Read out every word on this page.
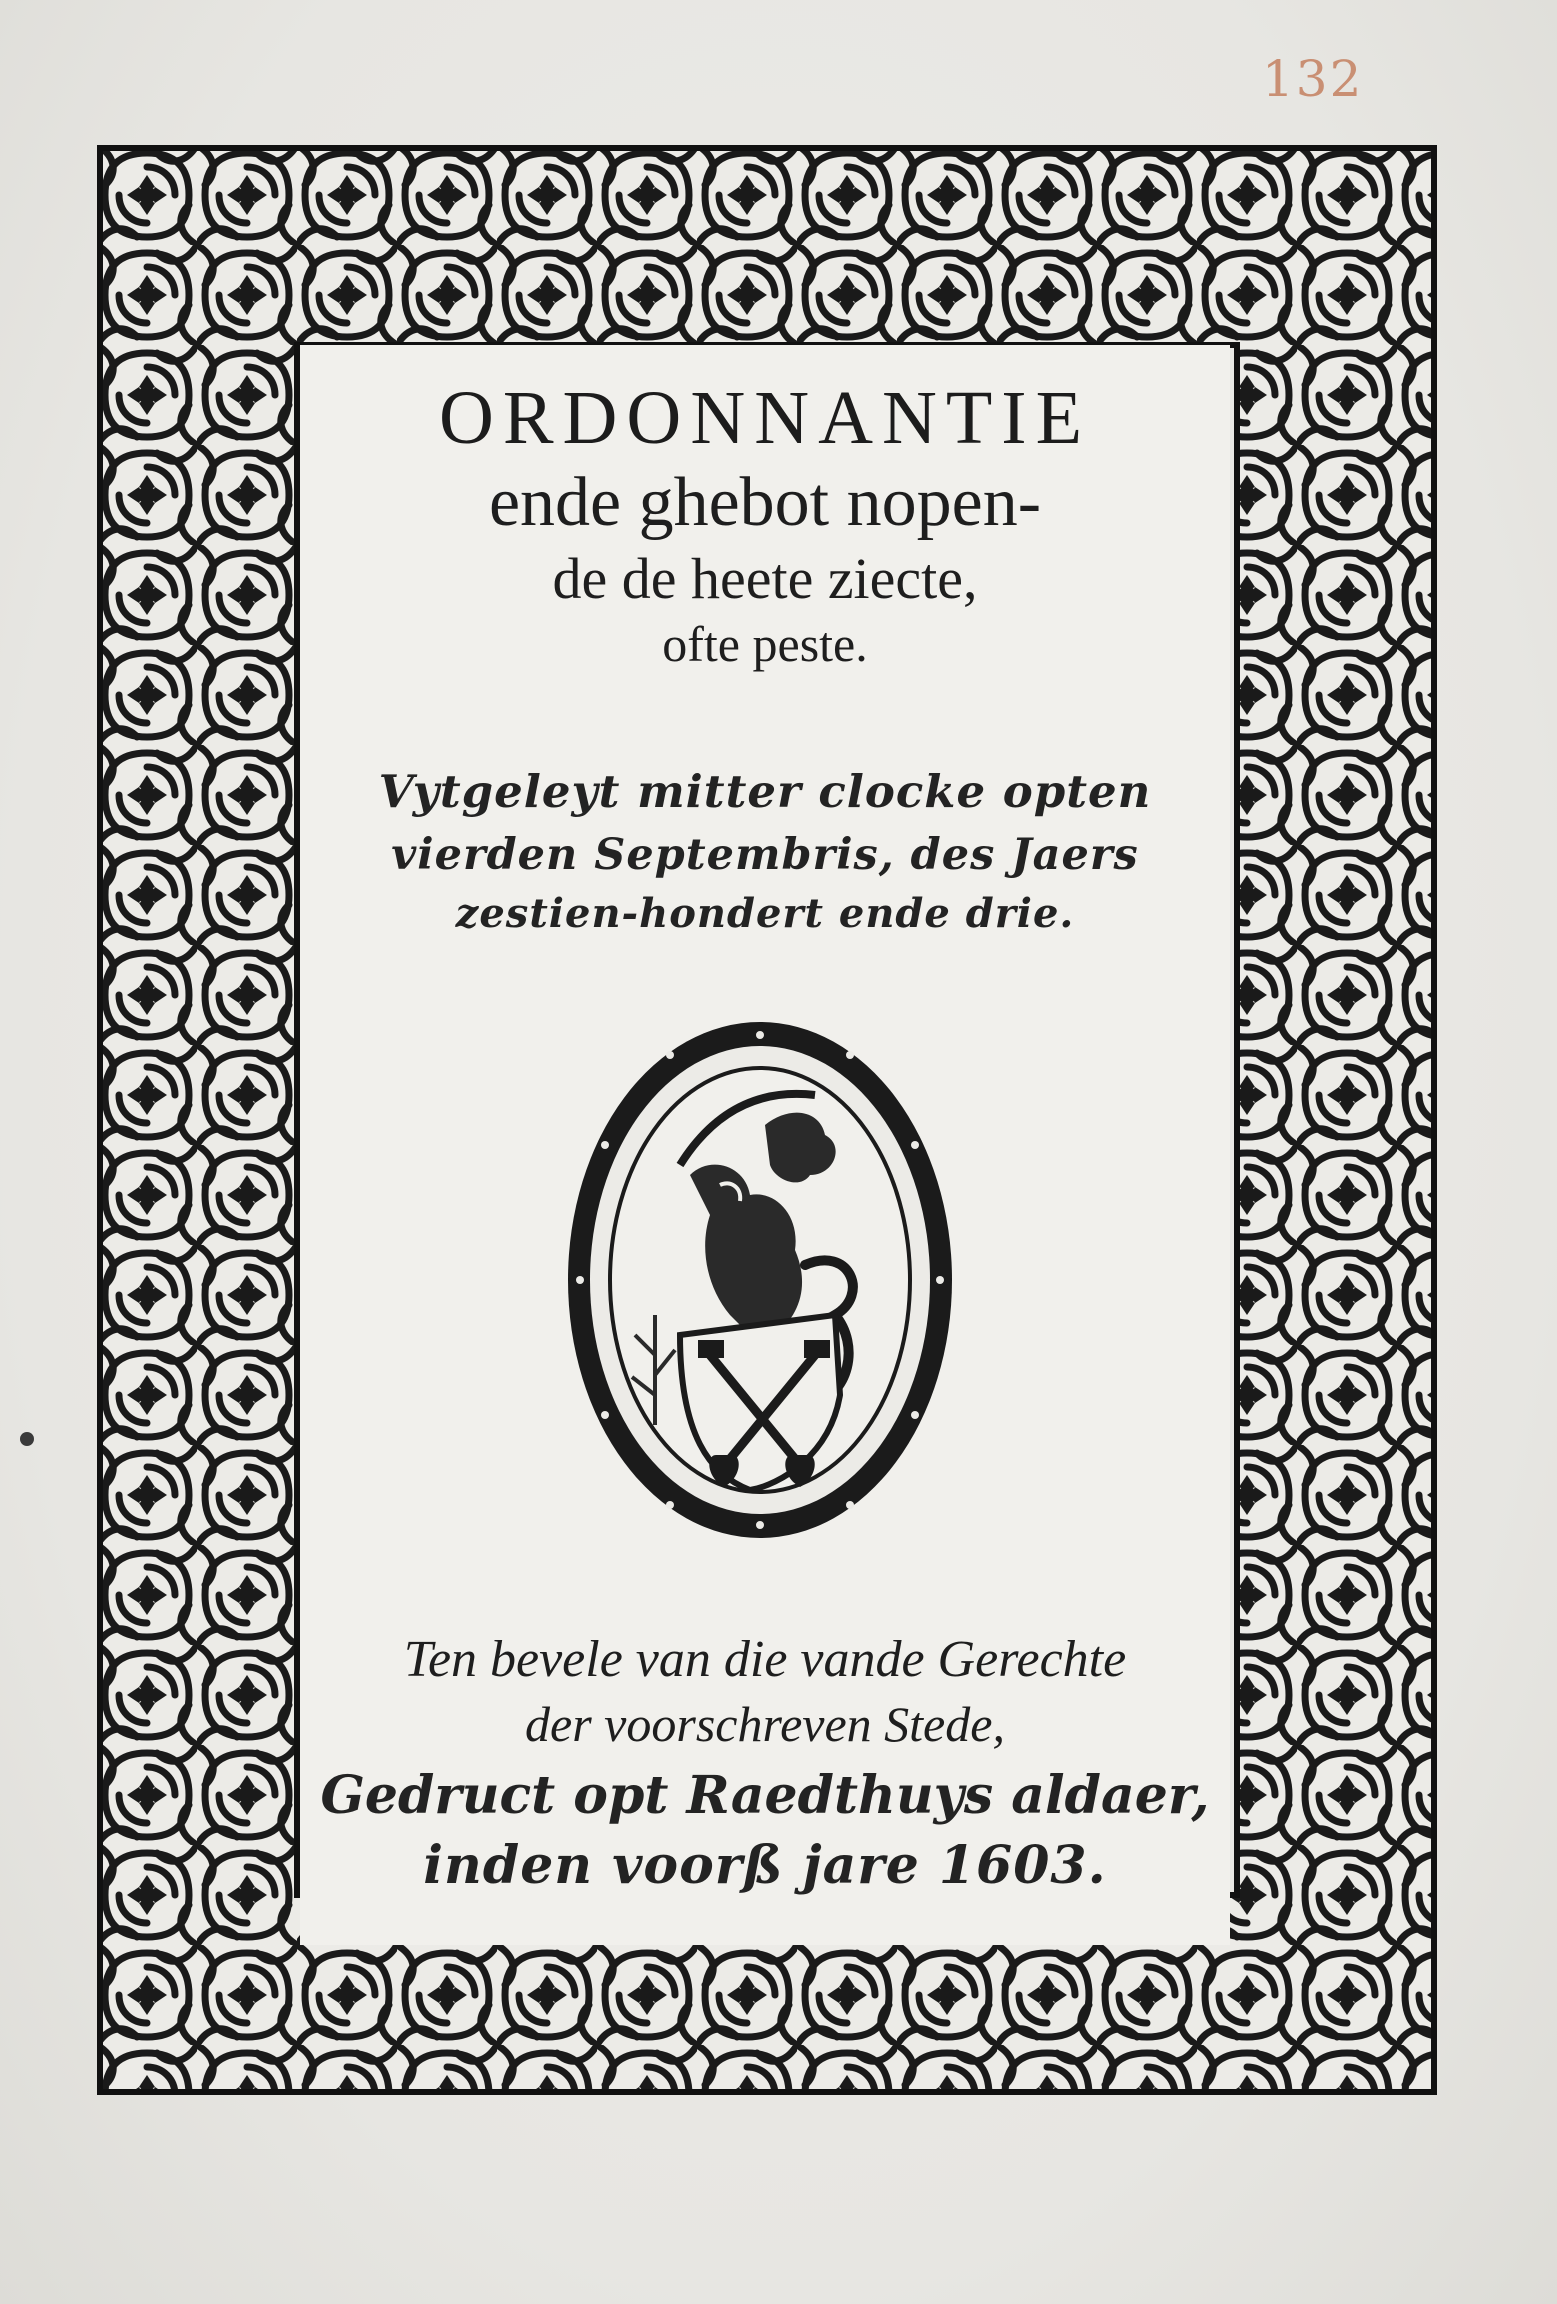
132
ORDONNANTIE
ende ghebot nopen-
de de heete ziecte,
ofte peste.
Vytgeleyt mitter clocke opten
vierden Septembris, des Jaers
zestien-hondert ende drie.
Ten bevele van die vande Gerechte
der voorschreven Stede,
Gedruct opt Raedthuys aldaer,
inden voorß jare 1603.
